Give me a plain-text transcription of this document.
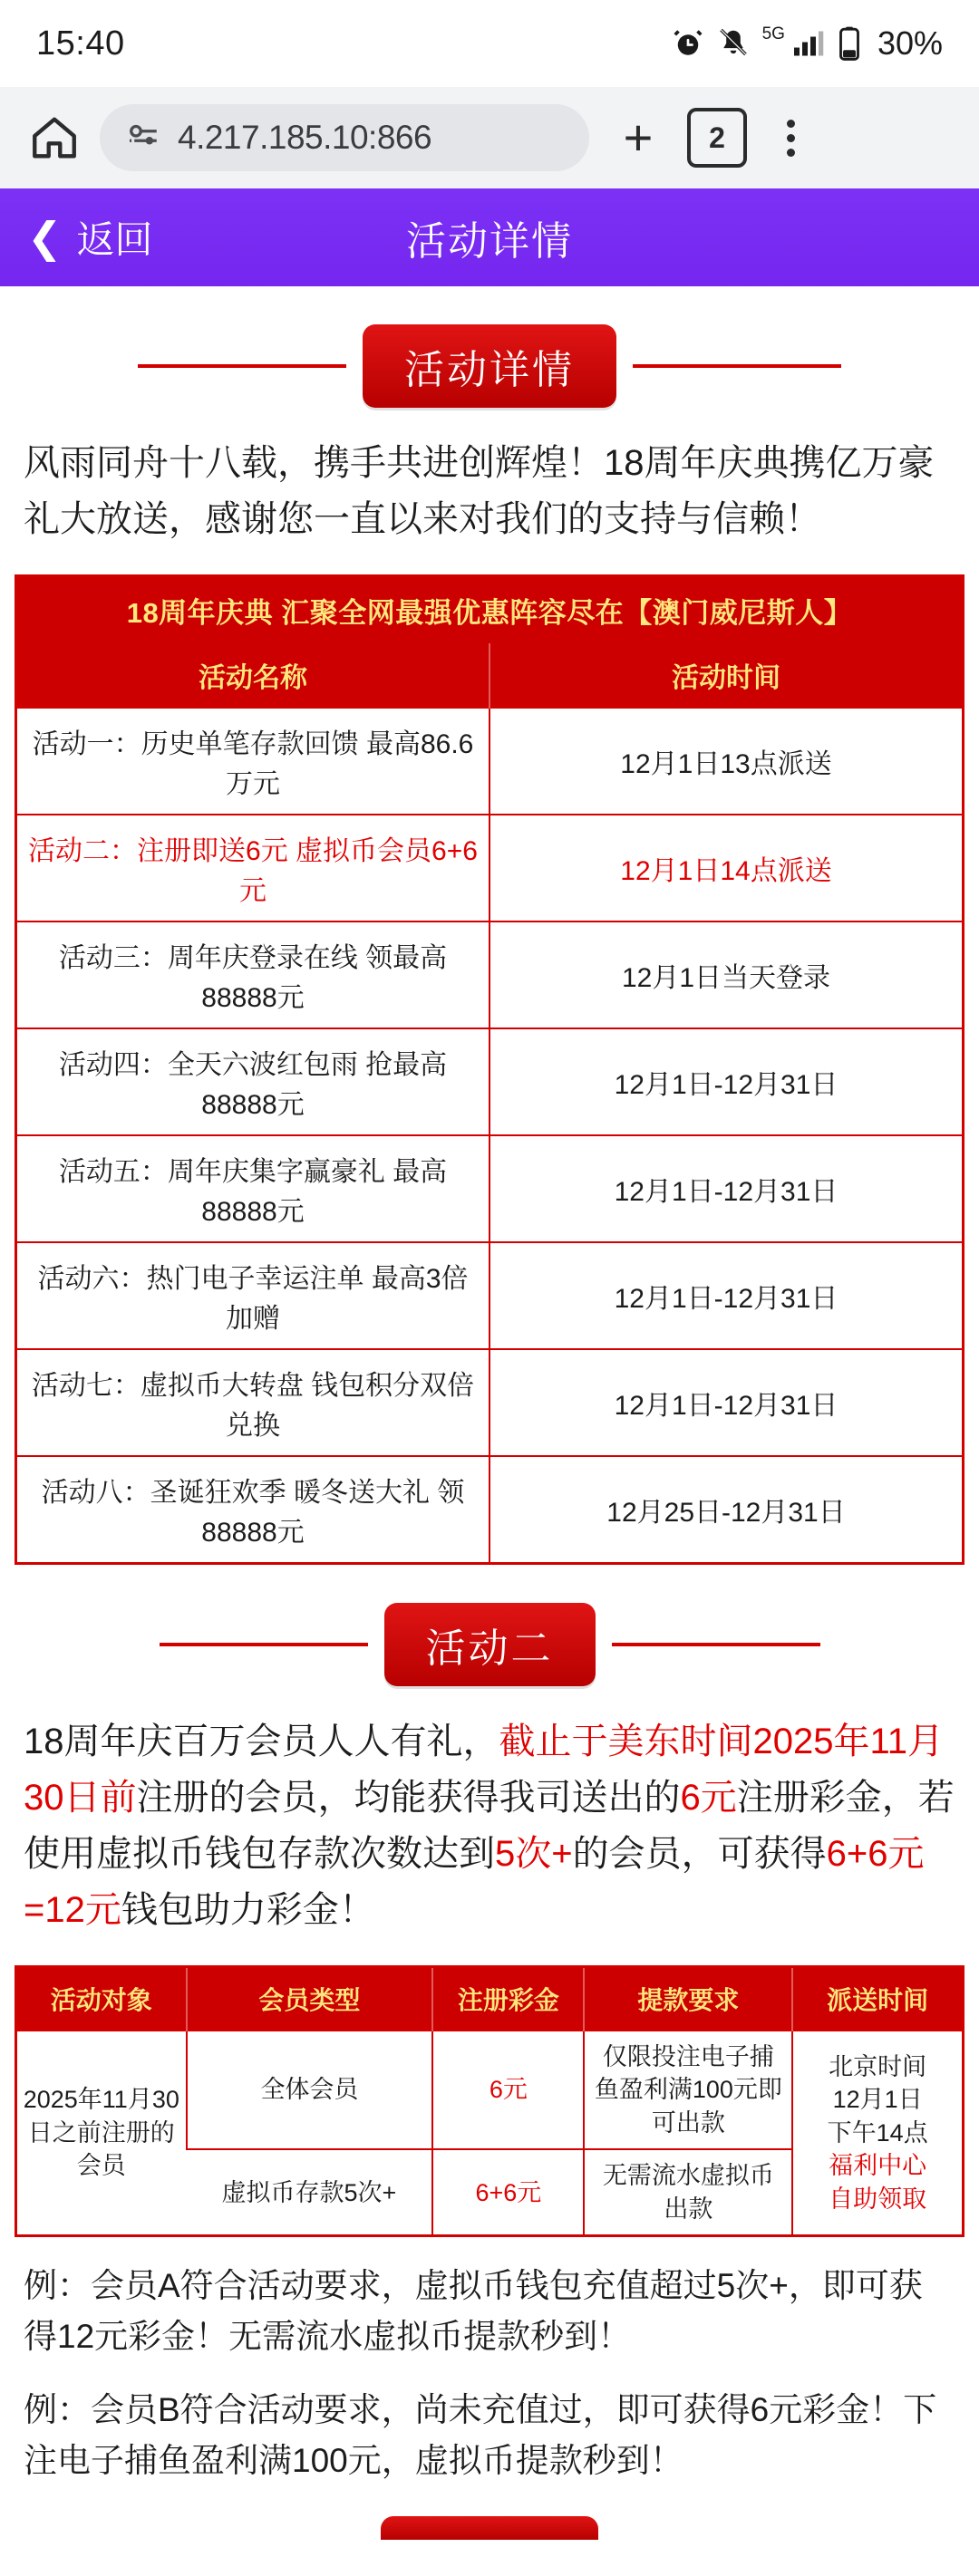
15:40	5G	30%
4.217.185.10:866	+	2
❮ 返回	活动详情
活动详情
风雨同舟十八载，携手共进创辉煌！18周年庆典携亿万豪礼大放送，感谢您一直以来对我们的支持与信赖！
18周年庆典 汇聚全网最强优惠阵容尽在【澳门威尼斯人】	
活动名称	活动时间
活动一：历史单笔存款回馈 最高86.6万元	12月1日13点派送
活动二：注册即送6元 虚拟币会员6+6元	12月1日14点派送
活动三：周年庆登录在线 领最高88888元	12月1日当天登录
活动四：全天六波红包雨 抢最高88888元	12月1日-12月31日
活动五：周年庆集字赢豪礼 最高88888元	12月1日-12月31日
活动六：热门电子幸运注单 最高3倍加赠	12月1日-12月31日
活动七：虚拟币大转盘 钱包积分双倍兑换	12月1日-12月31日
活动八：圣诞狂欢季 暖冬送大礼 领88888元	12月25日-12月31日
活动二
18周年庆百万会员人人有礼，截止于美东时间2025年11月30日前注册的会员，均能获得我司送出的6元注册彩金，若使用虚拟币钱包存款次数达到5次+的会员，可获得6+6元=12元钱包助力彩金！
活动对象	会员类型	注册彩金	提款要求	派送时间
2025年11月30日之前注册的会员	全体会员	6元	仅限投注电子捕鱼盈利满100元即可出款	北京时间
12月1日
下午14点
福利中心
自助领取

	虚拟币存款5次+	6+6元	无需流水虚拟币出款	
例：会员A符合活动要求，虚拟币钱包充值超过5次+，即可获得12元彩金！无需流水虚拟币提款秒到！
例：会员B符合活动要求，尚未充值过，即可获得6元彩金！下注电子捕鱼盈利满100元，虚拟币提款秒到！
